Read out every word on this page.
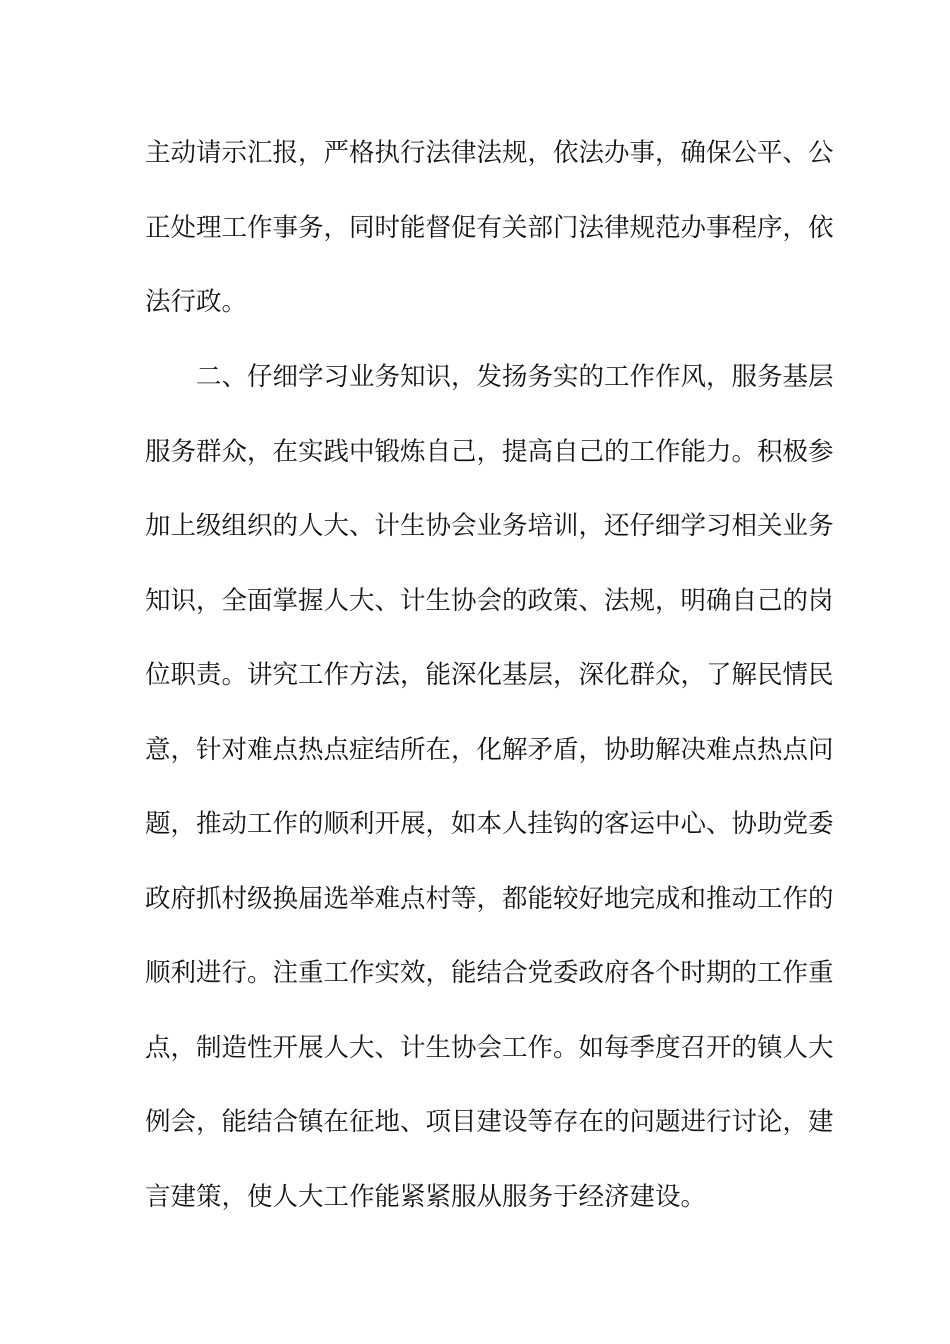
主动请示汇报，严格执行法律法规，依法办事，确保公平、公
正处理工作事务，同时能督促有关部门法律规范办事程序，依
法行政。
二、仔细学习业务知识，发扬务实的工作作风，服务基层
服务群众，在实践中锻炼自己，提高自己的工作能力。积极参
加上级组织的人大、计生协会业务培训，还仔细学习相关业务
知识，全面掌握人大、计生协会的政策、法规，明确自己的岗
位职责。讲究工作方法，能深化基层，深化群众，了解民情民
意，针对难点热点症结所在，化解矛盾，协助解决难点热点问
题，推动工作的顺利开展，如本人挂钩的客运中心、协助党委
政府抓村级换届选举难点村等，都能较好地完成和推动工作的
顺利进行。注重工作实效，能结合党委政府各个时期的工作重
点，制造性开展人大、计生协会工作。如每季度召开的镇人大
例会，能结合镇在征地、项目建设等存在的问题进行讨论，建
言建策，使人大工作能紧紧服从服务于经济建设。
